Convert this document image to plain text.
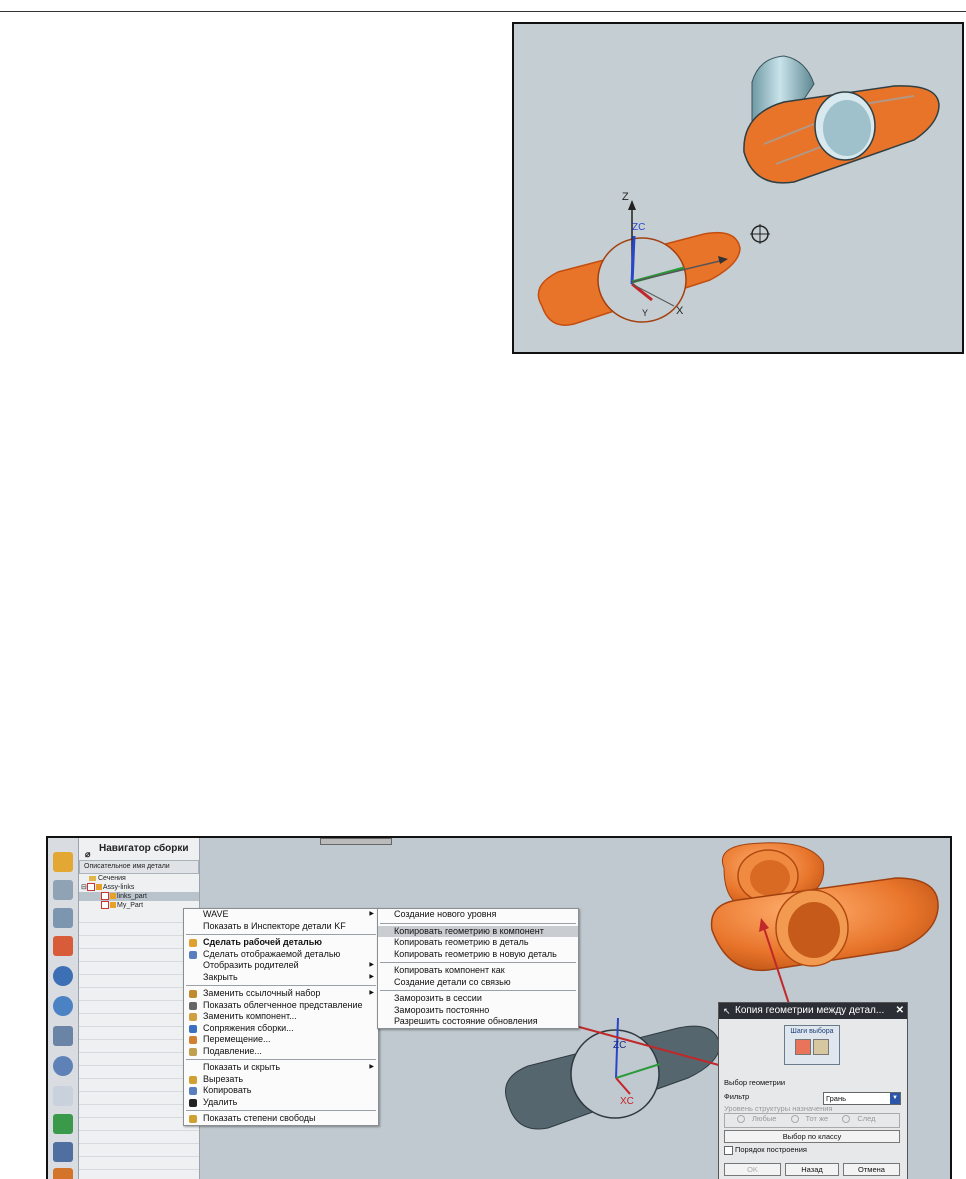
Z
ZC
X
Y
ZC
XC
⌀ Навигатор сборки
Описательное имя детали
Сечения
⊟ Assy-links
links_part
My_Part
WAVE	▶
Показать в Инспекторе детали KF
Сделать рабочей деталью
Сделать отображаемой деталью
Отобразить родителей	▶
Закрыть	▶
Заменить ссылочный набор	▶
Показать облегченное представление
Заменить компонент...
Сопряжения сборки...
Перемещение...
Подавление...
Показать и скрыть	▶
Вырезать
Копировать
Удалить
Показать степени свободы
Создание нового уровня
Копировать геометрию в компонент
Копировать геометрию в деталь
Копировать геометрию в новую деталь
Копировать компонент как
Создание детали со связью
Заморозить в сессии
Заморозить постоянно
Разрешить состояние обновления
↖ Копия геометрии между детал... ✕
Шаги выбора
Выбор геометрии
Фильтр	Грань	▼
Уровень структуры назначения
Любые	Тот же	След
Выбор по классу
Порядок построения
OK	Назад	Отмена
